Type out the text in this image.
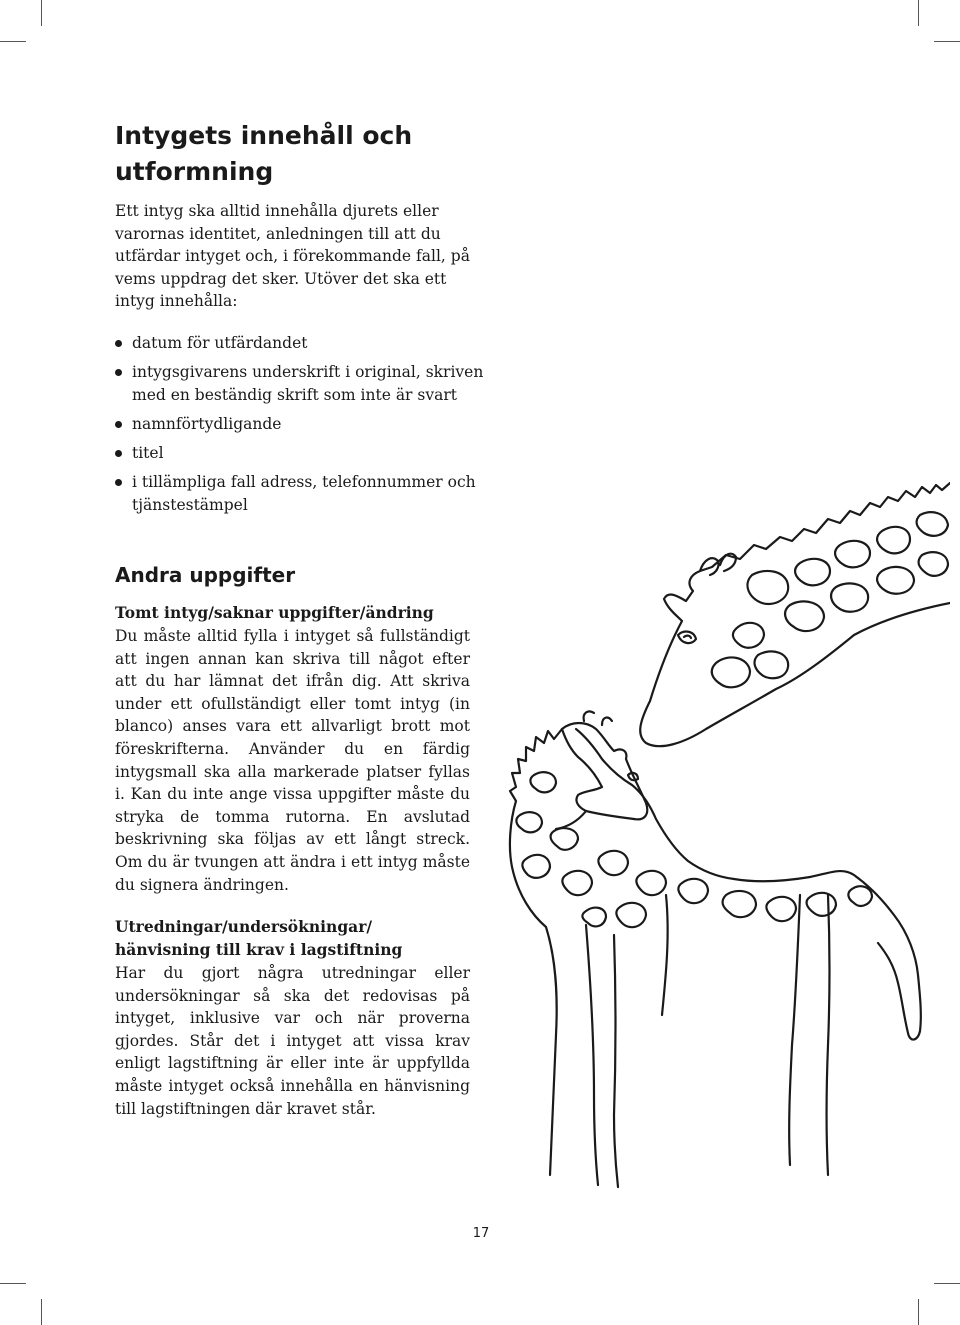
Intygets innehåll och utformning

Ett intyg ska alltid innehålla djurets eller varornas identitet, anledningen till att du utfärdar intyget och, i förekommande fall, på vems uppdrag det sker. Utöver det ska ett intyg innehålla:

datum för utfärdandet
intygsgivarens underskrift i original, skriven med en beständig skrift som inte är svart
namnförtydligande
titel
i tillämpliga fall adress, telefonnummer och tjänstestämpel
Andra uppgifter
Tomt intyg/saknar uppgifter/ändring

Du måste alltid fylla i intyget så fullständigt att ingen annan kan skriva till något efter att du har lämnat det ifrån dig. Att skriva under ett ofullständigt eller tomt intyg (in blanco) anses vara ett allvarligt brott mot föreskrifterna. Använder du en färdig intygsmall ska alla markerade platser fyllas i. Kan du inte ange vissa uppgifter måste du stryka de tomma rutorna. En avslutad beskrivning ska följas av ett långt streck. Om du är tvungen att ändra i ett intyg måste du signera ändringen.

Utredningar/undersökningar/
hänvisning till krav i lagstiftning

Har du gjort några utredningar eller undersökningar så ska det redovisas på intyget, inklusive var och när proverna gjordes. Står det i intyget att vissa krav enligt lagstiftning är eller inte är uppfyllda måste intyget också innehålla en hänvisning till lagstiftningen där kravet står.

17
